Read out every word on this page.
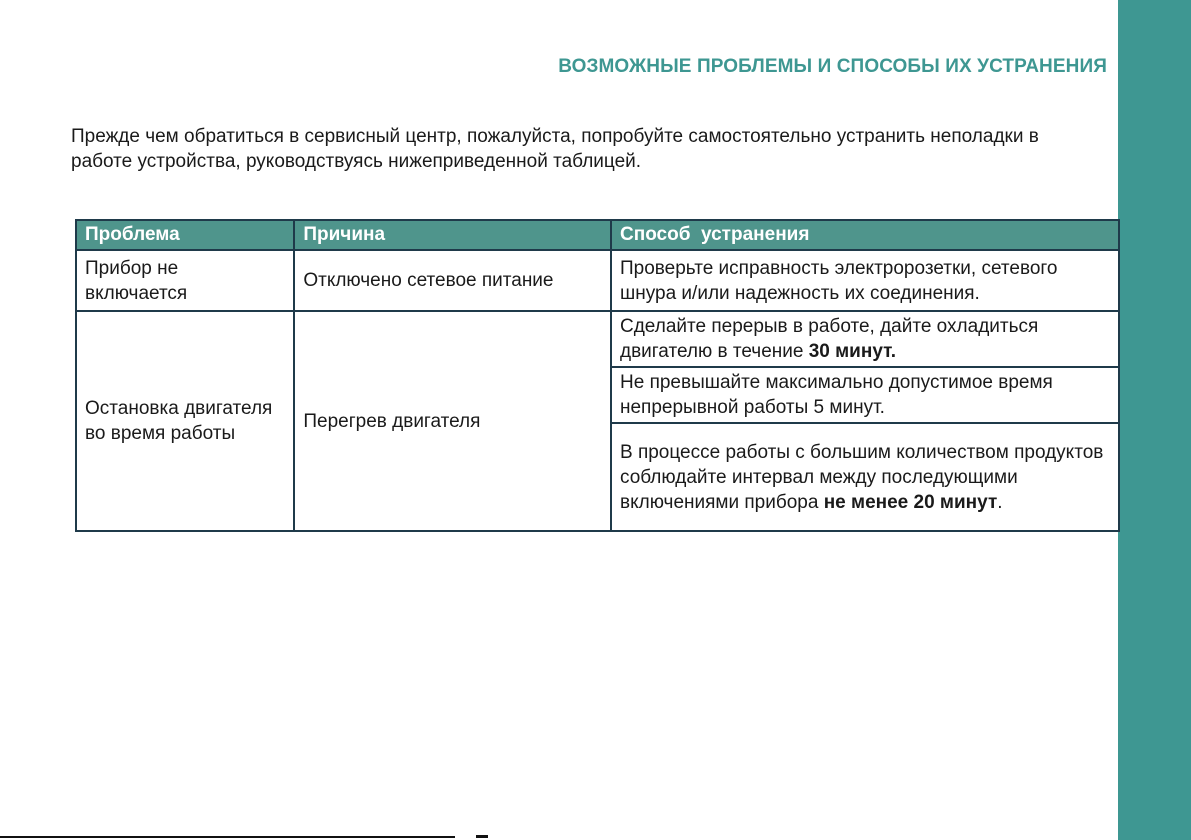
ВОЗМОЖНЫЕ ПРОБЛЕМЫ И СПОСОБЫ ИХ УСТРАНЕНИЯ
Прежде чем обратиться в сервисный центр, пожалуйста, попробуйте самостоятельно устранить неполадки в работе устройства, руководствуясь нижеприведенной таблицей.
Проблема	Причина	Способ  устранения

Прибор не включается	Отключено сетевое питание	Проверьте исправность электророзетки, сетевого шнура и/или надежность их соединения.

Остановка двигателя во время работы	Перегрев двигателя	Сделайте перерыв в работе, дайте охладиться двигателю в течение 30 минут.

		Не превышайте максимально допустимое время непрерывной работы 5 минут.

		В процессе работы с большим количеством продуктов соблюдайте интервал между последующими включениями прибора не менее 20 минут.
